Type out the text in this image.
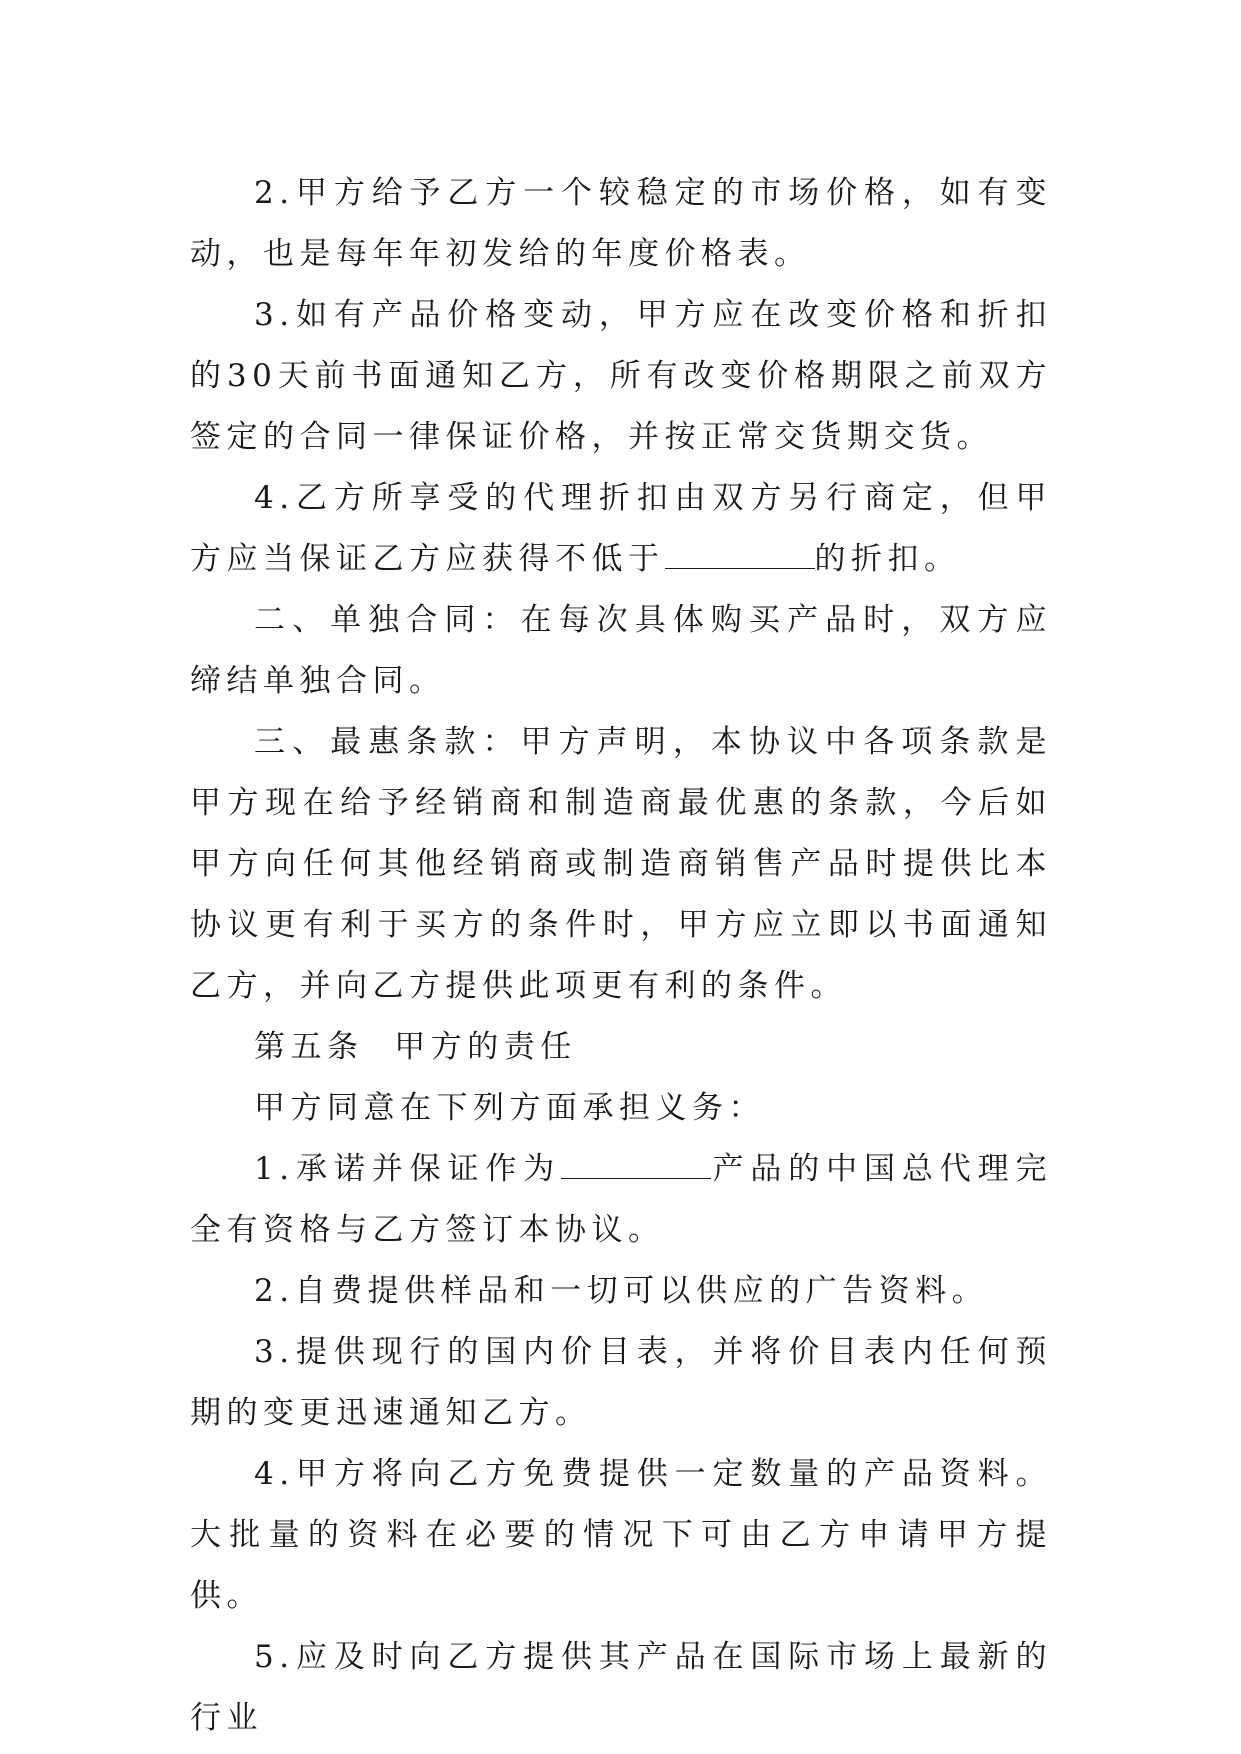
2.甲方给予乙方一个较稳定的市场价格，如有变动，也是每年年初发给的年度价格表。

3.如有产品价格变动，甲方应在改变价格和折扣的30天前书面通知乙方，所有改变价格期限之前双方签定的合同一律保证价格，并按正常交货期交货。

4.乙方所享受的代理折扣由双方另行商定，但甲方应当保证乙方应获得不低于	的折扣。

二、单独合同：在每次具体购买产品时，双方应缔结单独合同。

三、最惠条款：甲方声明，本协议中各项条款是甲方现在给予经销商和制造商最优惠的条款，今后如甲方向任何其他经销商或制造商销售产品时提供比本协议更有利于买方的条件时，甲方应立即以书面通知乙方，并向乙方提供此项更有利的条件。

第五条  甲方的责任

甲方同意在下列方面承担义务：

1.承诺并保证作为	产品的中国总代理完全有资格与乙方签订本协议。

2.自费提供样品和一切可以供应的广告资料。

3.提供现行的国内价目表，并将价目表内任何预期的变更迅速通知乙方。

4.甲方将向乙方免费提供一定数量的产品资料。大批量的资料在必要的情况下可由乙方申请甲方提供。

5.应及时向乙方提供其产品在国际市场上最新的行业
